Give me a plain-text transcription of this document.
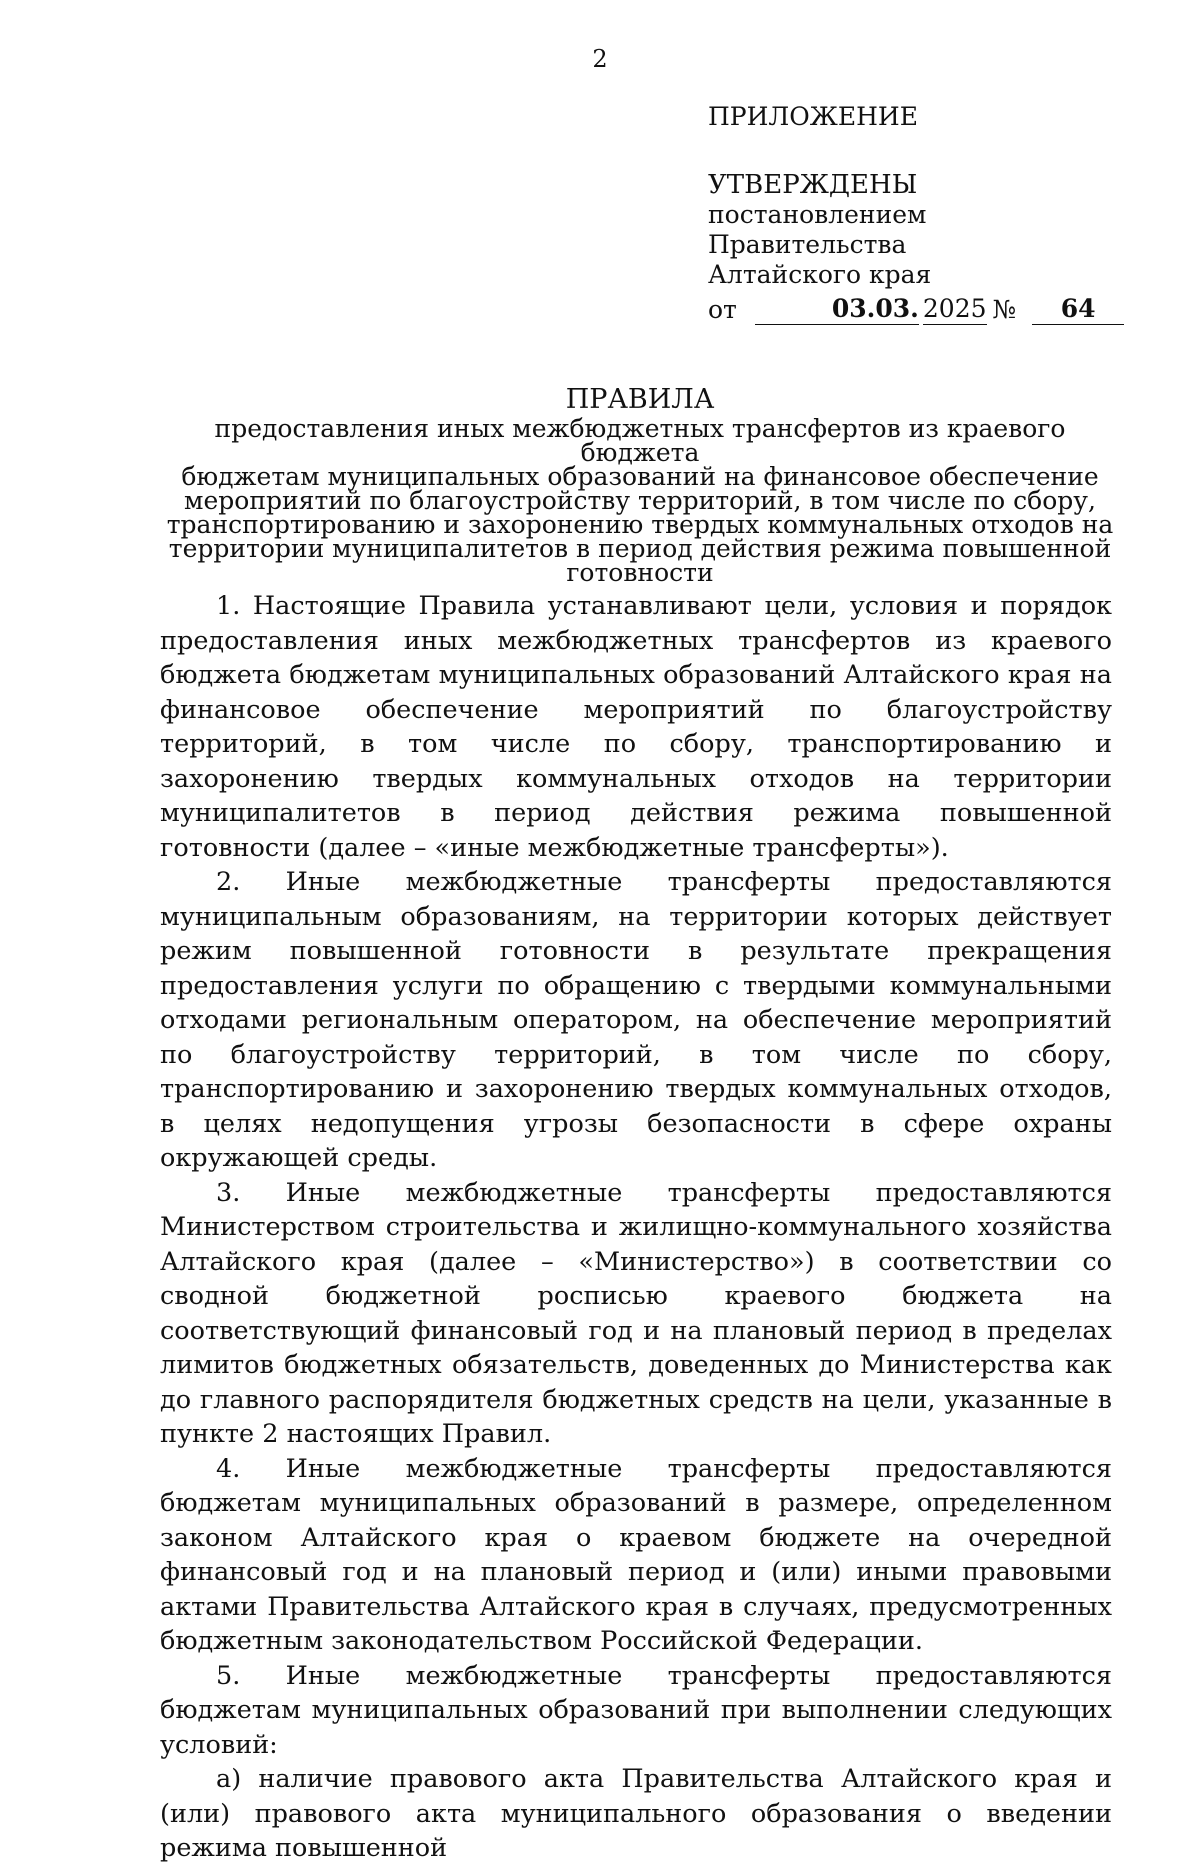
2

ПРИЛОЖЕНИЕ

УТВЕРЖДЕНЫ

постановлением Правительства

Алтайского края

от	03.03. 2025 №	64
ПРАВИЛА

предоставления иных межбюджетных трансфертов из краевого бюджета

бюджетам муниципальных образований на финансовое обеспечение

мероприятий по благоустройству территорий, в том числе по сбору,

транспортированию и захоронению твердых коммунальных отходов на

территории муниципалитетов в период действия режима повышенной

готовности

1. Настоящие Правила устанавливают цели, условия и порядок предоставления иных межбюджетных трансфертов из краевого бюджета бюджетам муниципальных образований Алтайского края на финансовое обеспечение мероприятий по благоустройству территорий, в том числе по сбору, транспортированию и захоронению твердых коммунальных отходов на территории муниципалитетов в период действия режима повышенной готовности (далее – «иные межбюджетные трансферты»).

2. Иные межбюджетные трансферты предоставляются муниципальным образованиям, на территории которых действует режим повышенной готовности в результате прекращения предоставления услуги по обращению с твердыми коммунальными отходами региональным оператором, на обеспечение мероприятий по благоустройству территорий, в том числе по сбору, транспортированию и захоронению твердых коммунальных отходов, в целях недопущения угрозы безопасности в сфере охраны окружающей среды.

3. Иные межбюджетные трансферты предоставляются Министерством строительства и жилищно-коммунального хозяйства Алтайского края (далее – «Министерство») в соответствии со сводной бюджетной росписью краевого бюджета на соответствующий финансовый год и на плановый период в пределах лимитов бюджетных обязательств, доведенных до Министерства как до главного распорядителя бюджетных средств на цели, указанные в пункте 2 настоящих Правил.

4. Иные межбюджетные трансферты предоставляются бюджетам муниципальных образований в размере, определенном законом Алтайского края о краевом бюджете на очередной финансовый год и на плановый период и (или) иными правовыми актами Правительства Алтайского края в случаях, предусмотренных бюджетным законодательством Российской Федерации.

5. Иные межбюджетные трансферты предоставляются бюджетам муниципальных образований при выполнении следующих условий:

а) наличие правового акта Правительства Алтайского края и (или) правового акта муниципального образования о введении режима повышенной
